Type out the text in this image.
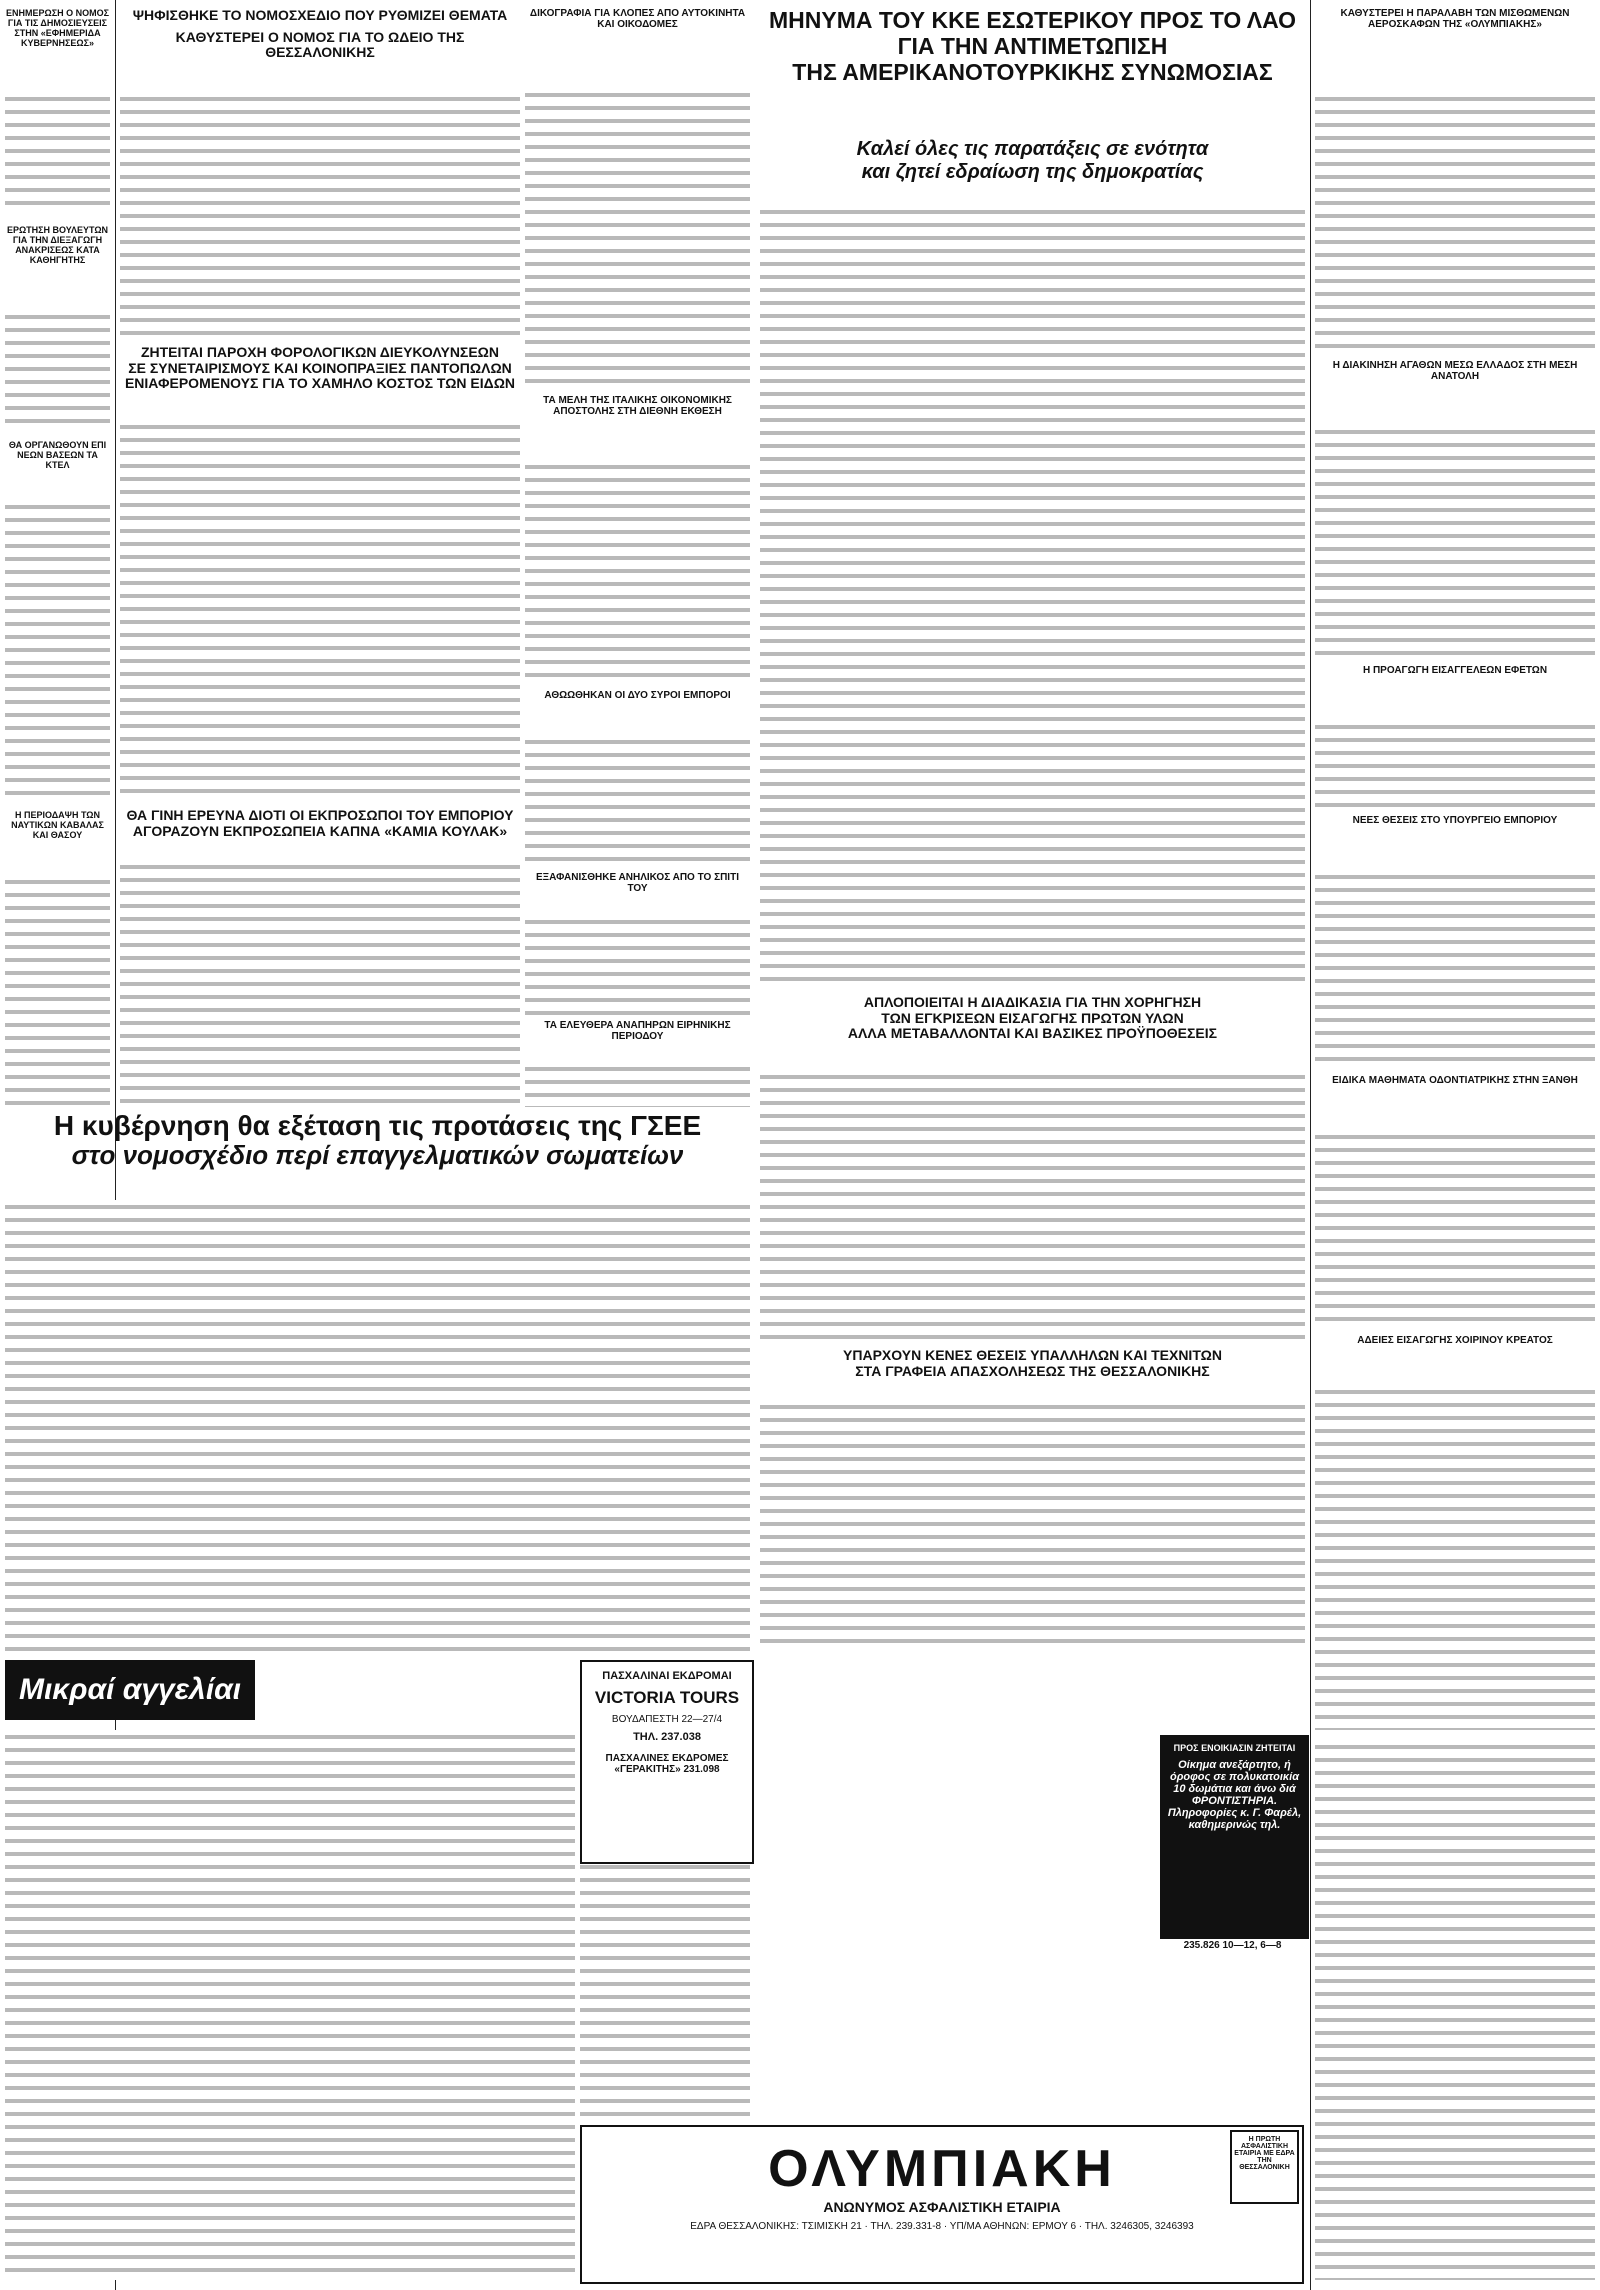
ΕΝΗΜΕΡΩΣΗ Ο ΝΟΜΟΣ ΓΙΑ ΤΙΣ ΔΗΜΟΣΙΕΥΣΕΙΣ ΣΤΗΝ «ΕΦΗΜΕΡΙΔΑ ΚΥΒΕΡΝΗΣΕΩΣ»

ΕΡΩΤΗΣΗ ΒΟΥΛΕΥΤΩΝ ΓΙΑ ΤΗΝ ΔΙΕΞΑΓΩΓΗ ΑΝΑΚΡΙΣΕΩΣ ΚΑΤΑ ΚΑΘΗΓΗΤΗΣ

ΘΑ ΟΡΓΑΝΩΘΟΥΝ ΕΠΙ ΝΕΩΝ ΒΑΣΕΩΝ ΤΑ ΚΤΕΛ

Η ΠΕΡΙΟΔΑΨΗ ΤΩΝ ΝΑΥΤΙΚΩΝ ΚΑΒΑΛΑΣ ΚΑΙ ΘΑΣΟΥ

ΨΗΦΙΣΘΗΚΕ ΤΟ ΝΟΜΟΣΧΕΔΙΟ ΠΟΥ ΡΥΘΜΙΖΕΙ ΘΕΜΑΤΑ

ΚΑΘΥΣΤΕΡΕΙ Ο ΝΟΜΟΣ ΓΙΑ ΤΟ ΩΔΕΙΟ ΤΗΣ ΘΕΣΣΑΛΟΝΙΚΗΣ

ΖΗΤΕΙΤΑΙ ΠΑΡΟΧΗ ΦΟΡΟΛΟΓΙΚΩΝ ΔΙΕΥΚΟΛΥΝΣΕΩΝ

ΣΕ ΣΥΝΕΤΑΙΡΙΣΜΟΥΣ ΚΑΙ ΚΟΙΝΟΠΡΑΞΙΕΣ ΠΑΝΤΟΠΩΛΩΝ

ΕΝΙΑΦΕΡΟΜΕΝΟΥΣ ΓΙΑ ΤΟ ΧΑΜΗΛΟ ΚΟΣΤΟΣ ΤΩΝ ΕΙΔΩΝ

ΘΑ ΓΙΝΗ ΕΡΕΥΝΑ ΔΙΟΤΙ ΟΙ ΕΚΠΡΟΣΩΠΟΙ ΤΟΥ ΕΜΠΟΡΙΟΥ

ΑΓΟΡΑΖΟΥΝ ΕΚΠΡΟΣΩΠΕΙΑ ΚΑΠΝΑ «ΚΑΜΙΑ ΚΟΥΛΑΚ»

Η κυβέρνηση θα εξέταση τις προτάσεις της ΓΣΕΕ

στο νομοσχέδιο περί επαγγελματικών σωματείων

Μικραί αγγελίαι

ΔΙΚΟΓΡΑΦΙΑ ΓΙΑ ΚΛΟΠΕΣ ΑΠΟ ΑΥΤΟΚΙΝΗΤΑ ΚΑΙ ΟΙΚΟΔΟΜΕΣ

ΤΑ ΜΕΛΗ ΤΗΣ ΙΤΑΛΙΚΗΣ ΟΙΚΟΝΟΜΙΚΗΣ ΑΠΟΣΤΟΛΗΣ ΣΤΗ ΔΙΕΘΝΗ ΕΚΘΕΣΗ

ΑΘΩΩΘΗΚΑΝ ΟΙ ΔΥΟ ΣΥΡΟΙ ΕΜΠΟΡΟΙ

ΕΞΑΦΑΝΙΣΘΗΚΕ ΑΝΗΛΙΚΟΣ ΑΠΟ ΤΟ ΣΠΙΤΙ ΤΟΥ

ΤΑ ΕΛΕΥΘΕΡΑ ΑΝΑΠΗΡΩΝ ΕΙΡΗΝΙΚΗΣ ΠΕΡΙΟΔΟΥ

ΜΗΝΥΜΑ ΤΟΥ ΚΚΕ ΕΣΩΤΕΡΙΚΟΥ ΠΡΟΣ ΤΟ ΛΑΟ

ΓΙΑ ΤΗΝ ΑΝΤΙΜΕΤΩΠΙΣΗ

ΤΗΣ ΑΜΕΡΙΚΑΝΟΤΟΥΡΚΙΚΗΣ ΣΥΝΩΜΟΣΙΑΣ

Καλεί όλες τις παρατάξεις σε ενότητα

και ζητεί εδραίωση της δημοκρατίας

ΑΠΛΟΠΟΙΕΙΤΑΙ Η ΔΙΑΔΙΚΑΣΙΑ ΓΙΑ ΤΗΝ ΧΟΡΗΓΗΣΗ

ΤΩΝ ΕΓΚΡΙΣΕΩΝ ΕΙΣΑΓΩΓΗΣ ΠΡΩΤΩΝ ΥΛΩΝ

ΑΛΛΑ ΜΕΤΑΒΑΛΛΟΝΤΑΙ ΚΑΙ ΒΑΣΙΚΕΣ ΠΡΟΫΠΟΘΕΣΕΙΣ

ΥΠΑΡΧΟΥΝ ΚΕΝΕΣ ΘΕΣΕΙΣ ΥΠΑΛΛΗΛΩΝ ΚΑΙ ΤΕΧΝΙΤΩΝ

ΣΤΑ ΓΡΑΦΕΙΑ ΑΠΑΣΧΟΛΗΣΕΩΣ ΤΗΣ ΘΕΣΣΑΛΟΝΙΚΗΣ

ΠΑΣΧΑΛΙΝΑΙ ΕΚΔΡΟΜΑΙ

VICTORIA TOURS

ΒΟΥΔΑΠΕΣΤΗ 22—27/4

ΤΗΛ. 237.038

ΠΑΣΧΑΛΙΝΕΣ ΕΚΔΡΟΜΕΣ

«ΓΕΡΑΚΙΤΗΣ» 231.098

ΟΛΥΜΠΙΑΚΗ

ΑΝΩΝΥΜΟΣ ΑΣΦΑΛΙΣΤΙΚΗ ΕΤΑΙΡΙΑ

ΕΔΡΑ ΘΕΣΣΑΛΟΝΙΚΗΣ: ΤΣΙΜΙΣΚΗ 21 · ΤΗΛ. 239.331-8 · ΥΠ/ΜΑ ΑΘΗΝΩΝ: ΕΡΜΟΥ 6 · ΤΗΛ. 3246305, 3246393

Η ΠΡΩΤΗ ΑΣΦΑΛΙΣΤΙΚΗ ΕΤΑΙΡΙΑ ΜΕ ΕΔΡΑ ΤΗΝ ΘΕΣΣΑΛΟΝΙΚΗ

ΚΑΘΥΣΤΕΡΕΙ Η ΠΑΡΑΛΑΒΗ ΤΩΝ ΜΙΣΘΩΜΕΝΩΝ ΑΕΡΟΣΚΑΦΩΝ ΤΗΣ «ΟΛΥΜΠΙΑΚΗΣ»

Η ΔΙΑΚΙΝΗΣΗ ΑΓΑΘΩΝ ΜΕΣΩ ΕΛΛΑΔΟΣ ΣΤΗ ΜΕΣΗ ΑΝΑΤΟΛΗ

Η ΠΡΟΑΓΩΓΗ ΕΙΣΑΓΓΕΛΕΩΝ ΕΦΕΤΩΝ

ΝΕΕΣ ΘΕΣΕΙΣ ΣΤΟ ΥΠΟΥΡΓΕΙΟ ΕΜΠΟΡΙΟΥ

ΕΙΔΙΚΑ ΜΑΘΗΜΑΤΑ ΟΔΟΝΤΙΑΤΡΙΚΗΣ ΣΤΗΝ ΞΑΝΘΗ

ΑΔΕΙΕΣ ΕΙΣΑΓΩΓΗΣ ΧΟΙΡΙΝΟΥ ΚΡΕΑΤΟΣ

ΠΡΟΣ ΕΝΟΙΚΙΑΣΙΝ ΖΗΤΕΙΤΑΙ

Οίκημα ανεξάρτητο, ή όροφος σε πολυκατοικία 10 δωμάτια και άνω διά ΦΡΟΝΤΙΣΤΗΡΙΑ. Πληροφορίες κ. Γ. Φαρέλ, καθημερινώς τηλ.

235.826 10—12, 6—8
